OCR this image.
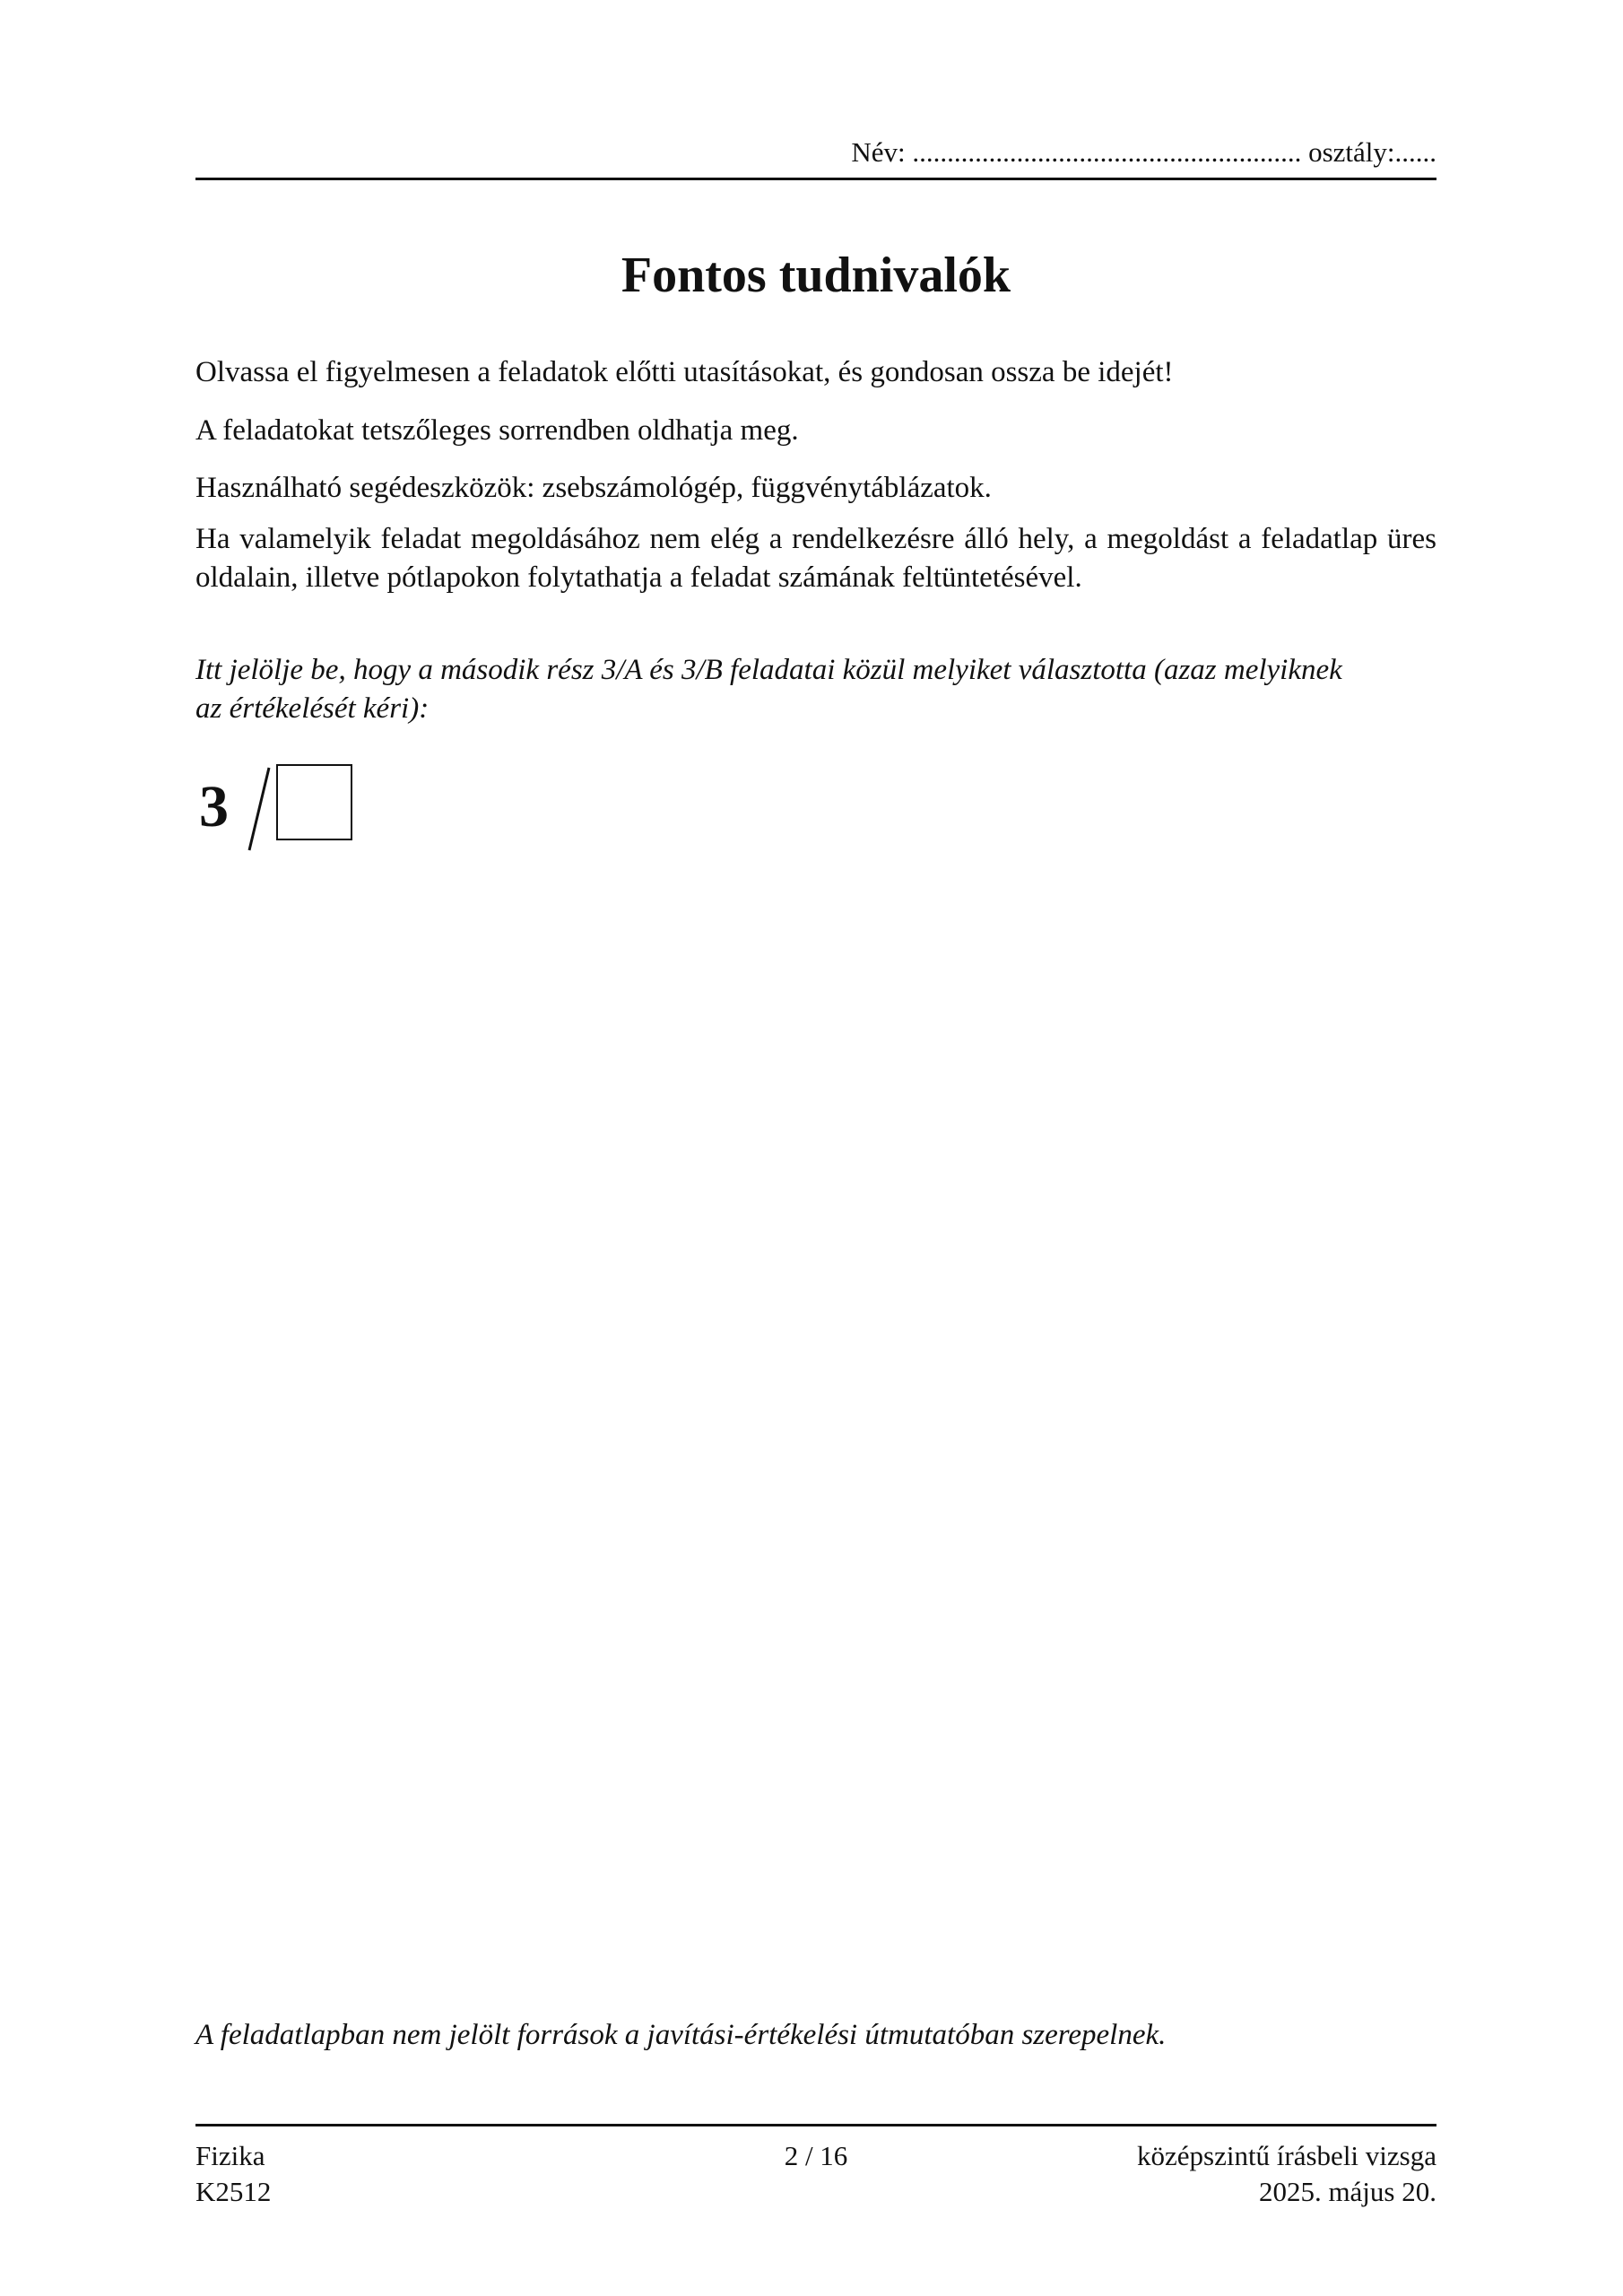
Név: ........................................................ osztály:......
Fontos tudnivalók

Olvassa el figyelmesen a feladatok előtti utasításokat, és gondosan ossza be idejét!

A feladatokat tetszőleges sorrendben oldhatja meg.

Használható segédeszközök: zsebszámológép, függvénytáblázatok.

Ha valamelyik feladat megoldásához nem elég a rendelkezésre álló hely, a megoldást a feladatlap üres oldalain, illetve pótlapokon folytathatja a feladat számának feltüntetésével.

Itt jelölje be, hogy a második rész 3/A és 3/B feladatai közül melyiket választotta (azaz melyiknek az értékelését kéri):

3
A feladatlapban nem jelölt források a javítási-értékelési útmutatóban szerepelnek.
Fizika
K2512
2 / 16	középszintű írásbeli vizsga
2025. május 20.
